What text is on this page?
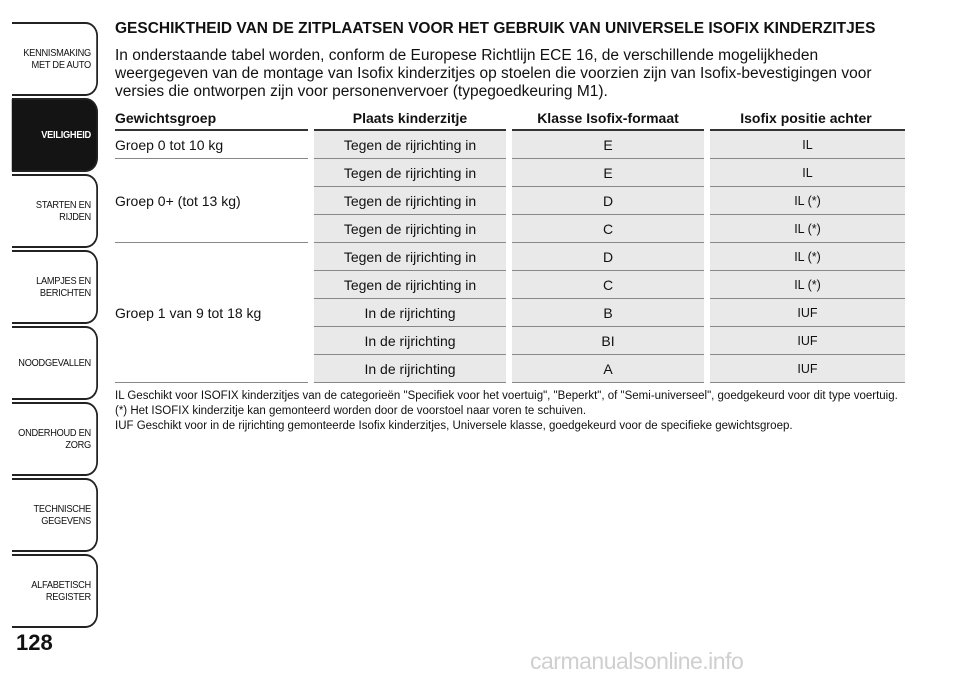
KENNISMAKING MET DE AUTO
VEILIGHEID
STARTEN EN RIJDEN
LAMPJES EN BERICHTEN
NOODGEVALLEN
ONDERHOUD EN ZORG
TECHNISCHE GEGEVENS
ALFABETISCH REGISTER
128

GESCHIKTHEID VAN DE ZITPLAATSEN VOOR HET GEBRUIK VAN UNIVERSELE ISOFIX KINDERZITJES

In onderstaande tabel worden, conform de Europese Richtlijn ECE 16, de verschillende mogelijkheden weergegeven van de montage van Isofix kinderzitjes op stoelen die voorzien zijn van Isofix-bevestigingen voor versies die ontworpen zijn voor personenvervoer (typegoedkeuring M1).

Gewichtsgroep	Plaats kinderzitje	Klasse Isofix-formaat	Isofix positie achter
Groep 0 tot 10 kg	Tegen de rijrichting in	E	IL
Groep 0+ (tot 13 kg)	Tegen de rijrichting in	E	IL
	Tegen de rijrichting in	D	IL (*)
	Tegen de rijrichting in	C	IL (*)
Groep 1 van 9 tot 18 kg	Tegen de rijrichting in	D	IL (*)
	Tegen de rijrichting in	C	IL (*)
	In de rijrichting	B	IUF
	In de rijrichting	BI	IUF
	In de rijrichting	A	IUF

IL Geschikt voor ISOFIX kinderzitjes van de categorieën "Specifiek voor het voertuig", "Beperkt", of "Semi-universeel", goedgekeurd voor dit type voertuig.

(*) Het ISOFIX kinderzitje kan gemonteerd worden door de voorstoel naar voren te schuiven.

IUF Geschikt voor in de rijrichting gemonteerde Isofix kinderzitjes, Universele klasse, goedgekeurd voor de specifieke gewichtsgroep.

carmanualsonline.info
